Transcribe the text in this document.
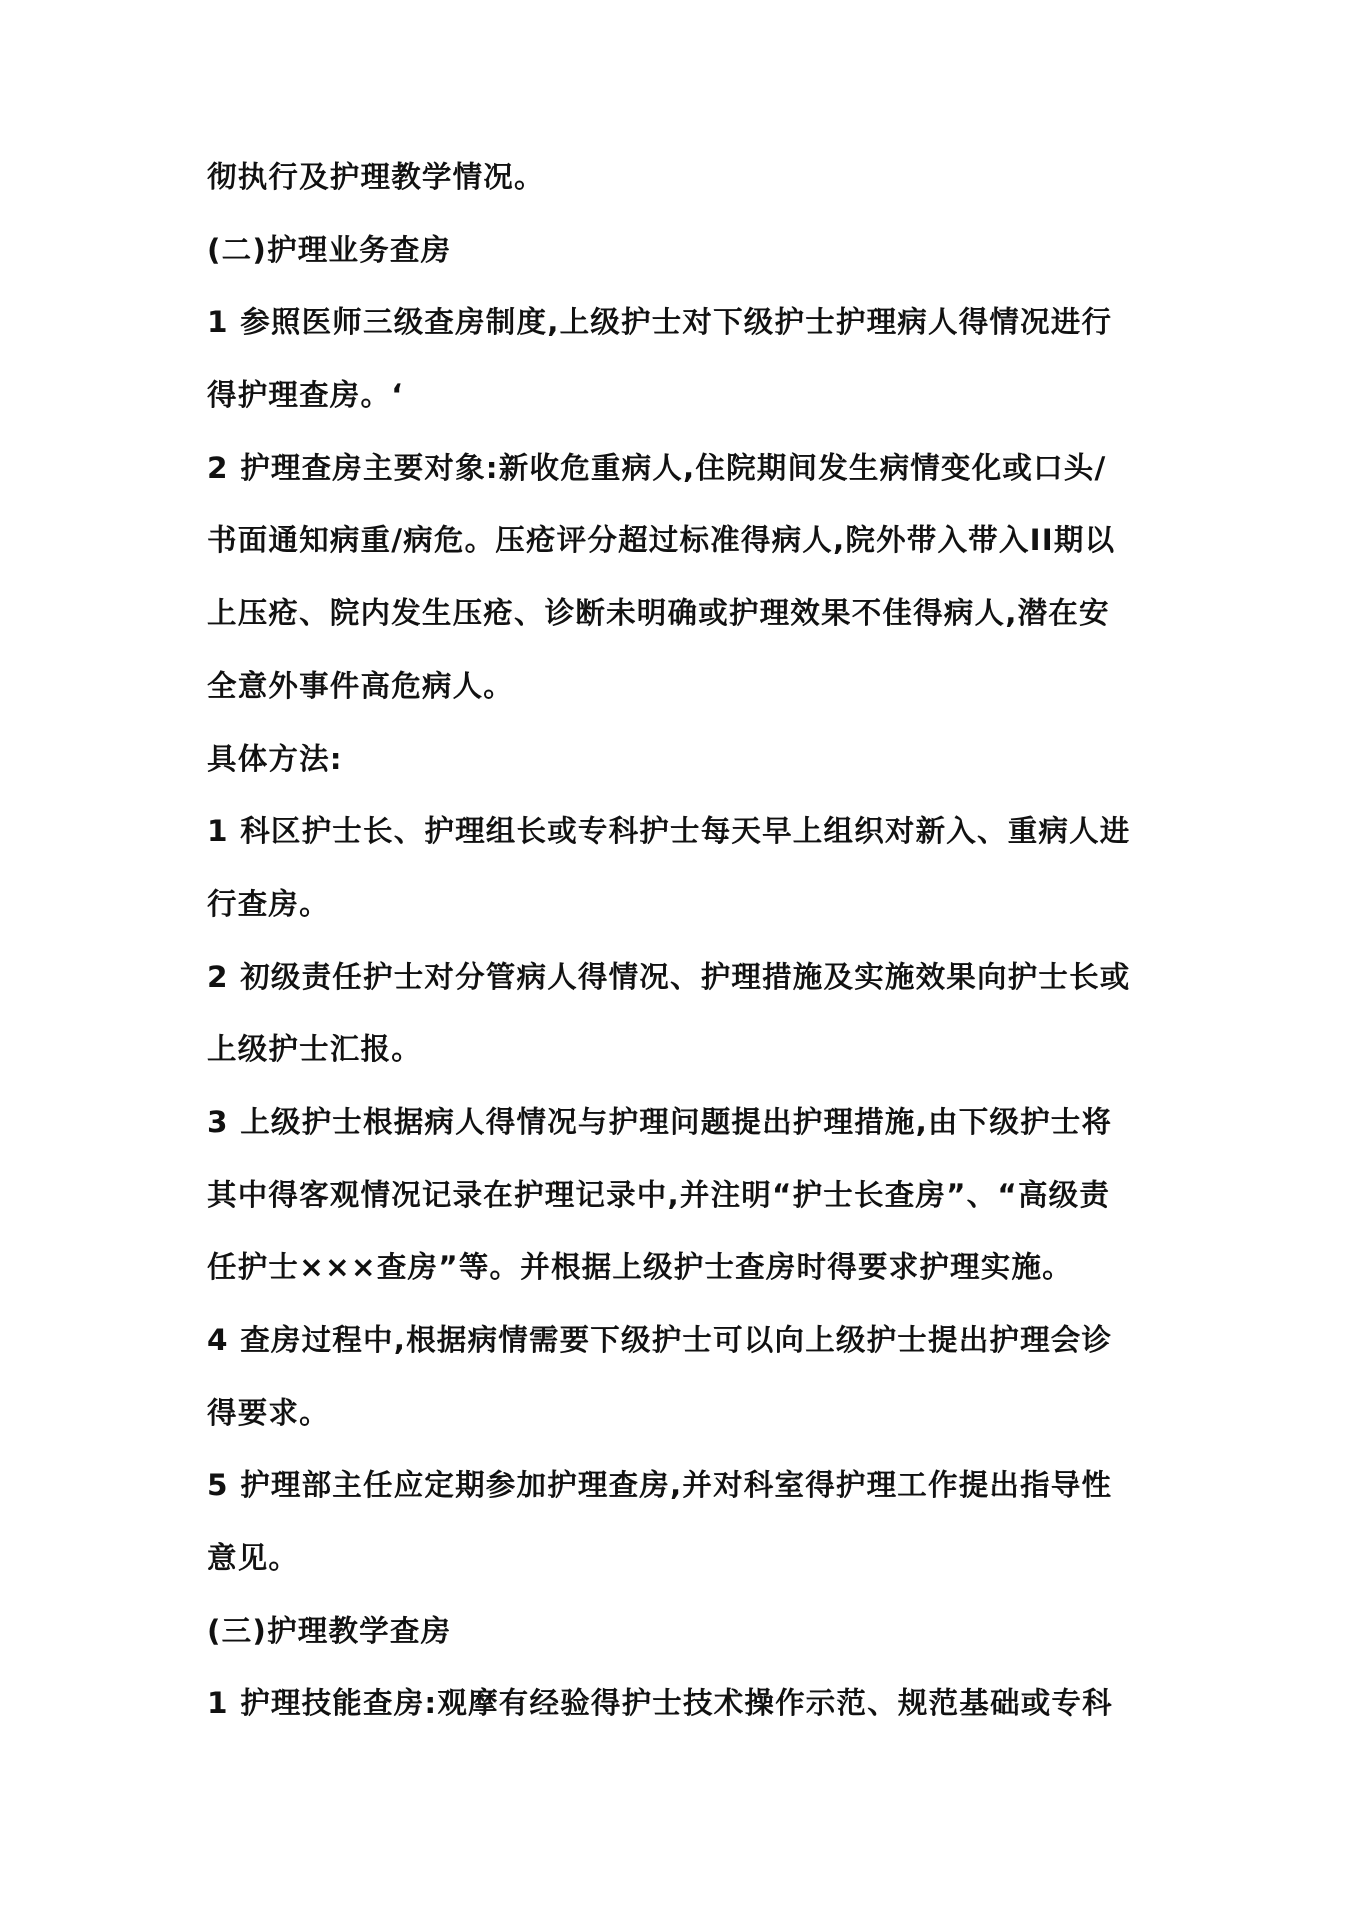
彻执行及护理教学情况。
(二)护理业务查房
1 参照医师三级查房制度,上级护士对下级护士护理病人得情况进行
得护理查房。‘
2 护理查房主要对象:新收危重病人,住院期间发生病情变化或口头/
书面通知病重/病危。压疮评分超过标准得病人,院外带入带入II期以
上压疮、院内发生压疮、诊断未明确或护理效果不佳得病人,潜在安
全意外事件高危病人。
具体方法:
1 科区护士长、护理组长或专科护士每天早上组织对新入、重病人进
行查房。
2 初级责任护士对分管病人得情况、护理措施及实施效果向护士长或
上级护士汇报。
3 上级护士根据病人得情况与护理问题提出护理措施,由下级护士将
其中得客观情况记录在护理记录中,并注明“护士长查房”、“高级责
任护士×××查房”等。并根据上级护士查房时得要求护理实施。
4 查房过程中,根据病情需要下级护士可以向上级护士提出护理会诊
得要求。
5 护理部主任应定期参加护理查房,并对科室得护理工作提出指导性
意见。
(三)护理教学查房
1 护理技能查房:观摩有经验得护士技术操作示范、规范基础或专科
